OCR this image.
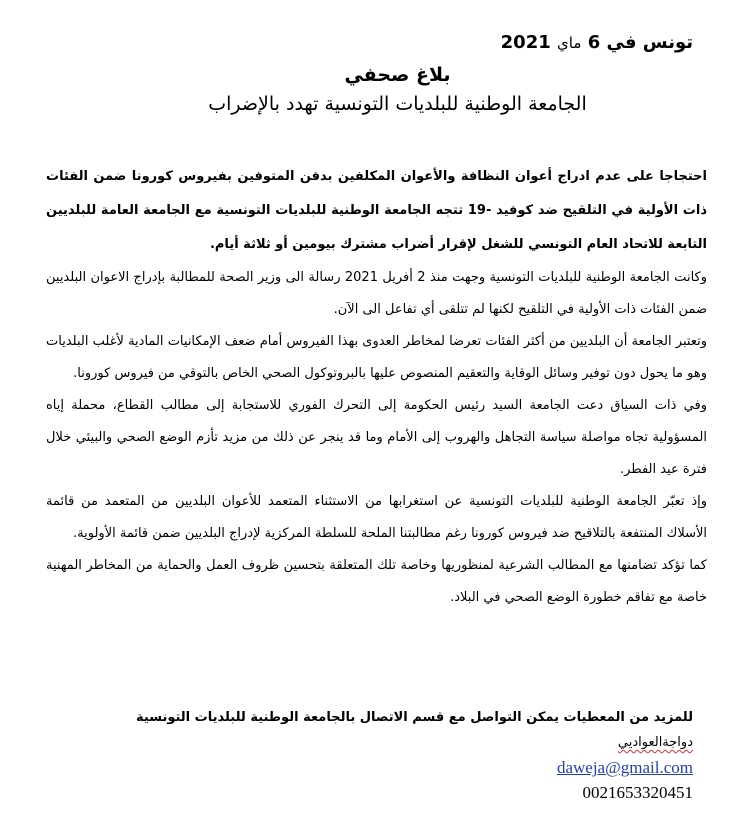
تونس في 6 ماي 2021
بلاغ صحفي
الجامعة الوطنية للبلديات التونسية تهدد بالإضراب

احتجاجا على عدم ادراج أعوان النظافة والأعوان المكلفين بدفن المتوفين بفيروس كورونا ضمن الفئات ذات الأولية في التلقيح ضد كوفيد -19 تتجه الجامعة الوطنية للبلديات التونسية مع الجامعة العامة للبلديين التابعة للاتحاد العام التونسي للشغل لإقرار أضراب مشترك بيومين أو ثلاثة أيام.

وكانت الجامعة الوطنية للبلديات التونسية وجهت منذ 2 أفريل 2021 رسالة الى وزير الصحة للمطالبة بإدراج الاعوان البلديين ضمن الفئات ذات الأولية في التلقيح لكنها لم تتلقى أي تفاعل الى الآن.

وتعتبر الجامعة أن البلديين من أكثر الفئات تعرضا لمخاطر العدوى بهذا الفيروس أمام ضعف الإمكانيات المادية لأغلب البلديات وهو ما يحول دون توفير وسائل الوقاية والتعقيم المنصوص عليها بالبروتوكول الصحي الخاص بالتوقي من فيروس كورونا.

وفي ذات السياق دعت الجامعة السيد رئيس الحكومة إلى التحرك الفوري للاستجابة إلى مطالب القطاع، محملة إياه المسؤولية تجاه مواصلة سياسة التجاهل والهروب إلى الأمام وما قد ينجر عن ذلك من مزيد تأزم الوضع الصحي والبيئي خلال فترة عيد الفطر.

وإذ تعبّر الجامعة الوطنية للبلديات التونسية عن استغرابها من الاستثناء المتعمد للأعوان البلديين من المتعمد من قائمة الأسلاك المنتفعة بالتلاقيح ضد فيروس كورونا رغم مطالبتنا الملحة للسلطة المركزية لإدراج البلديين ضمن قائمة الأولوية.

كما تؤكد تضامنها مع المطالب الشرعية لمنظوريها وخاصة تلك المتعلقة بتحسين ظروف العمل والحماية من المخاطر المهنية خاصة مع تفاقم خطورة الوضع الصحي في البلاد.

للمزيد من المعطيات يمكن التواصل مع قسم الاتصال بالجامعة الوطنية للبلديات التونسية
دواجةالعواديي
daweja@gmail.com
0021653320451
